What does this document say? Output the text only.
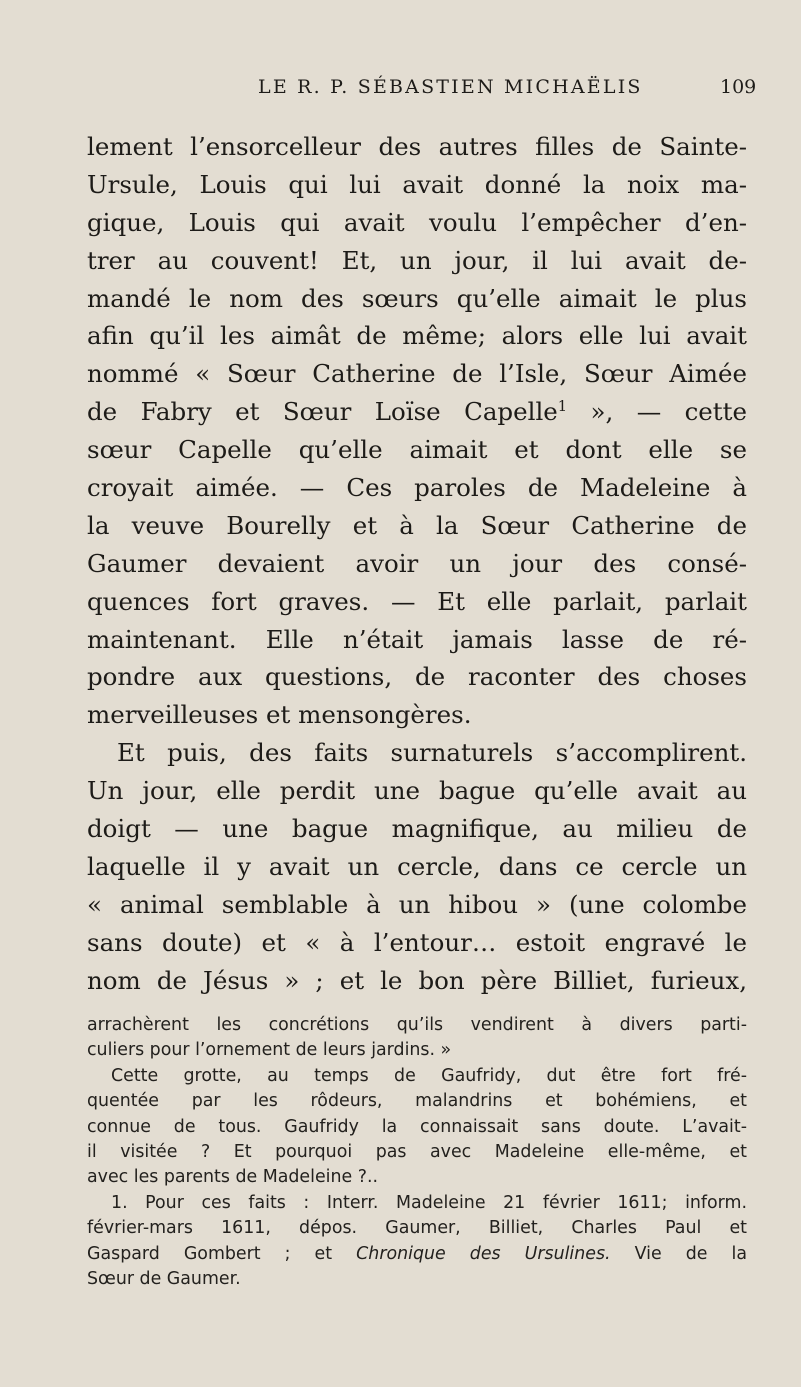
LE R. P. SÉBASTIEN MICHAËLIS	109
lement l’ensorcelleur des autres filles de Sainte-
Ursule, Louis qui lui avait donné la noix ma-
gique, Louis qui avait voulu l’empêcher d’en-
trer au couvent! Et, un jour, il lui avait de-
mandé le nom des sœurs qu’elle aimait le plus
afin qu’il les aimât de même; alors elle lui avait
nommé « Sœur Catherine de l’Isle, Sœur Aimée
de Fabry et Sœur Loïse Capelle$^1$ », — cette
sœur Capelle qu’elle aimait et dont elle se
croyait aimée. — Ces paroles de Madeleine à
la veuve Bourelly et à la Sœur Catherine de
Gaumer devaient avoir un jour des consé-
quences fort graves. — Et elle parlait, parlait
maintenant. Elle n’était jamais lasse de ré-
pondre aux questions, de raconter des choses
merveilleuses et mensongères.
Et puis, des faits surnaturels s’accomplirent.
Un jour, elle perdit une bague qu’elle avait au
doigt — une bague magnifique, au milieu de
laquelle il y avait un cercle, dans ce cercle un
« animal semblable à un hibou » (une colombe
sans doute) et « à l’entour… estoit engravé le
nom de Jésus » ; et le bon père Billiet, furieux,
arrachèrent les concrétions qu’ils vendirent à divers parti-
culiers pour l’ornement de leurs jardins. »
Cette grotte, au temps de Gaufridy, dut être fort fré-
quentée par les rôdeurs, malandrins et bohémiens, et
connue de tous. Gaufridy la connaissait sans doute. L’avait-
il visitée ? Et pourquoi pas avec Madeleine elle-même, et
avec les parents de Madeleine ?..
1. Pour ces faits : Interr. Madeleine 21 février 1611; inform.
février-mars 1611, dépos. Gaumer, Billiet, Charles Paul et
Gaspard Gombert ; et Chronique des Ursulines. Vie de la
Sœur de Gaumer.
